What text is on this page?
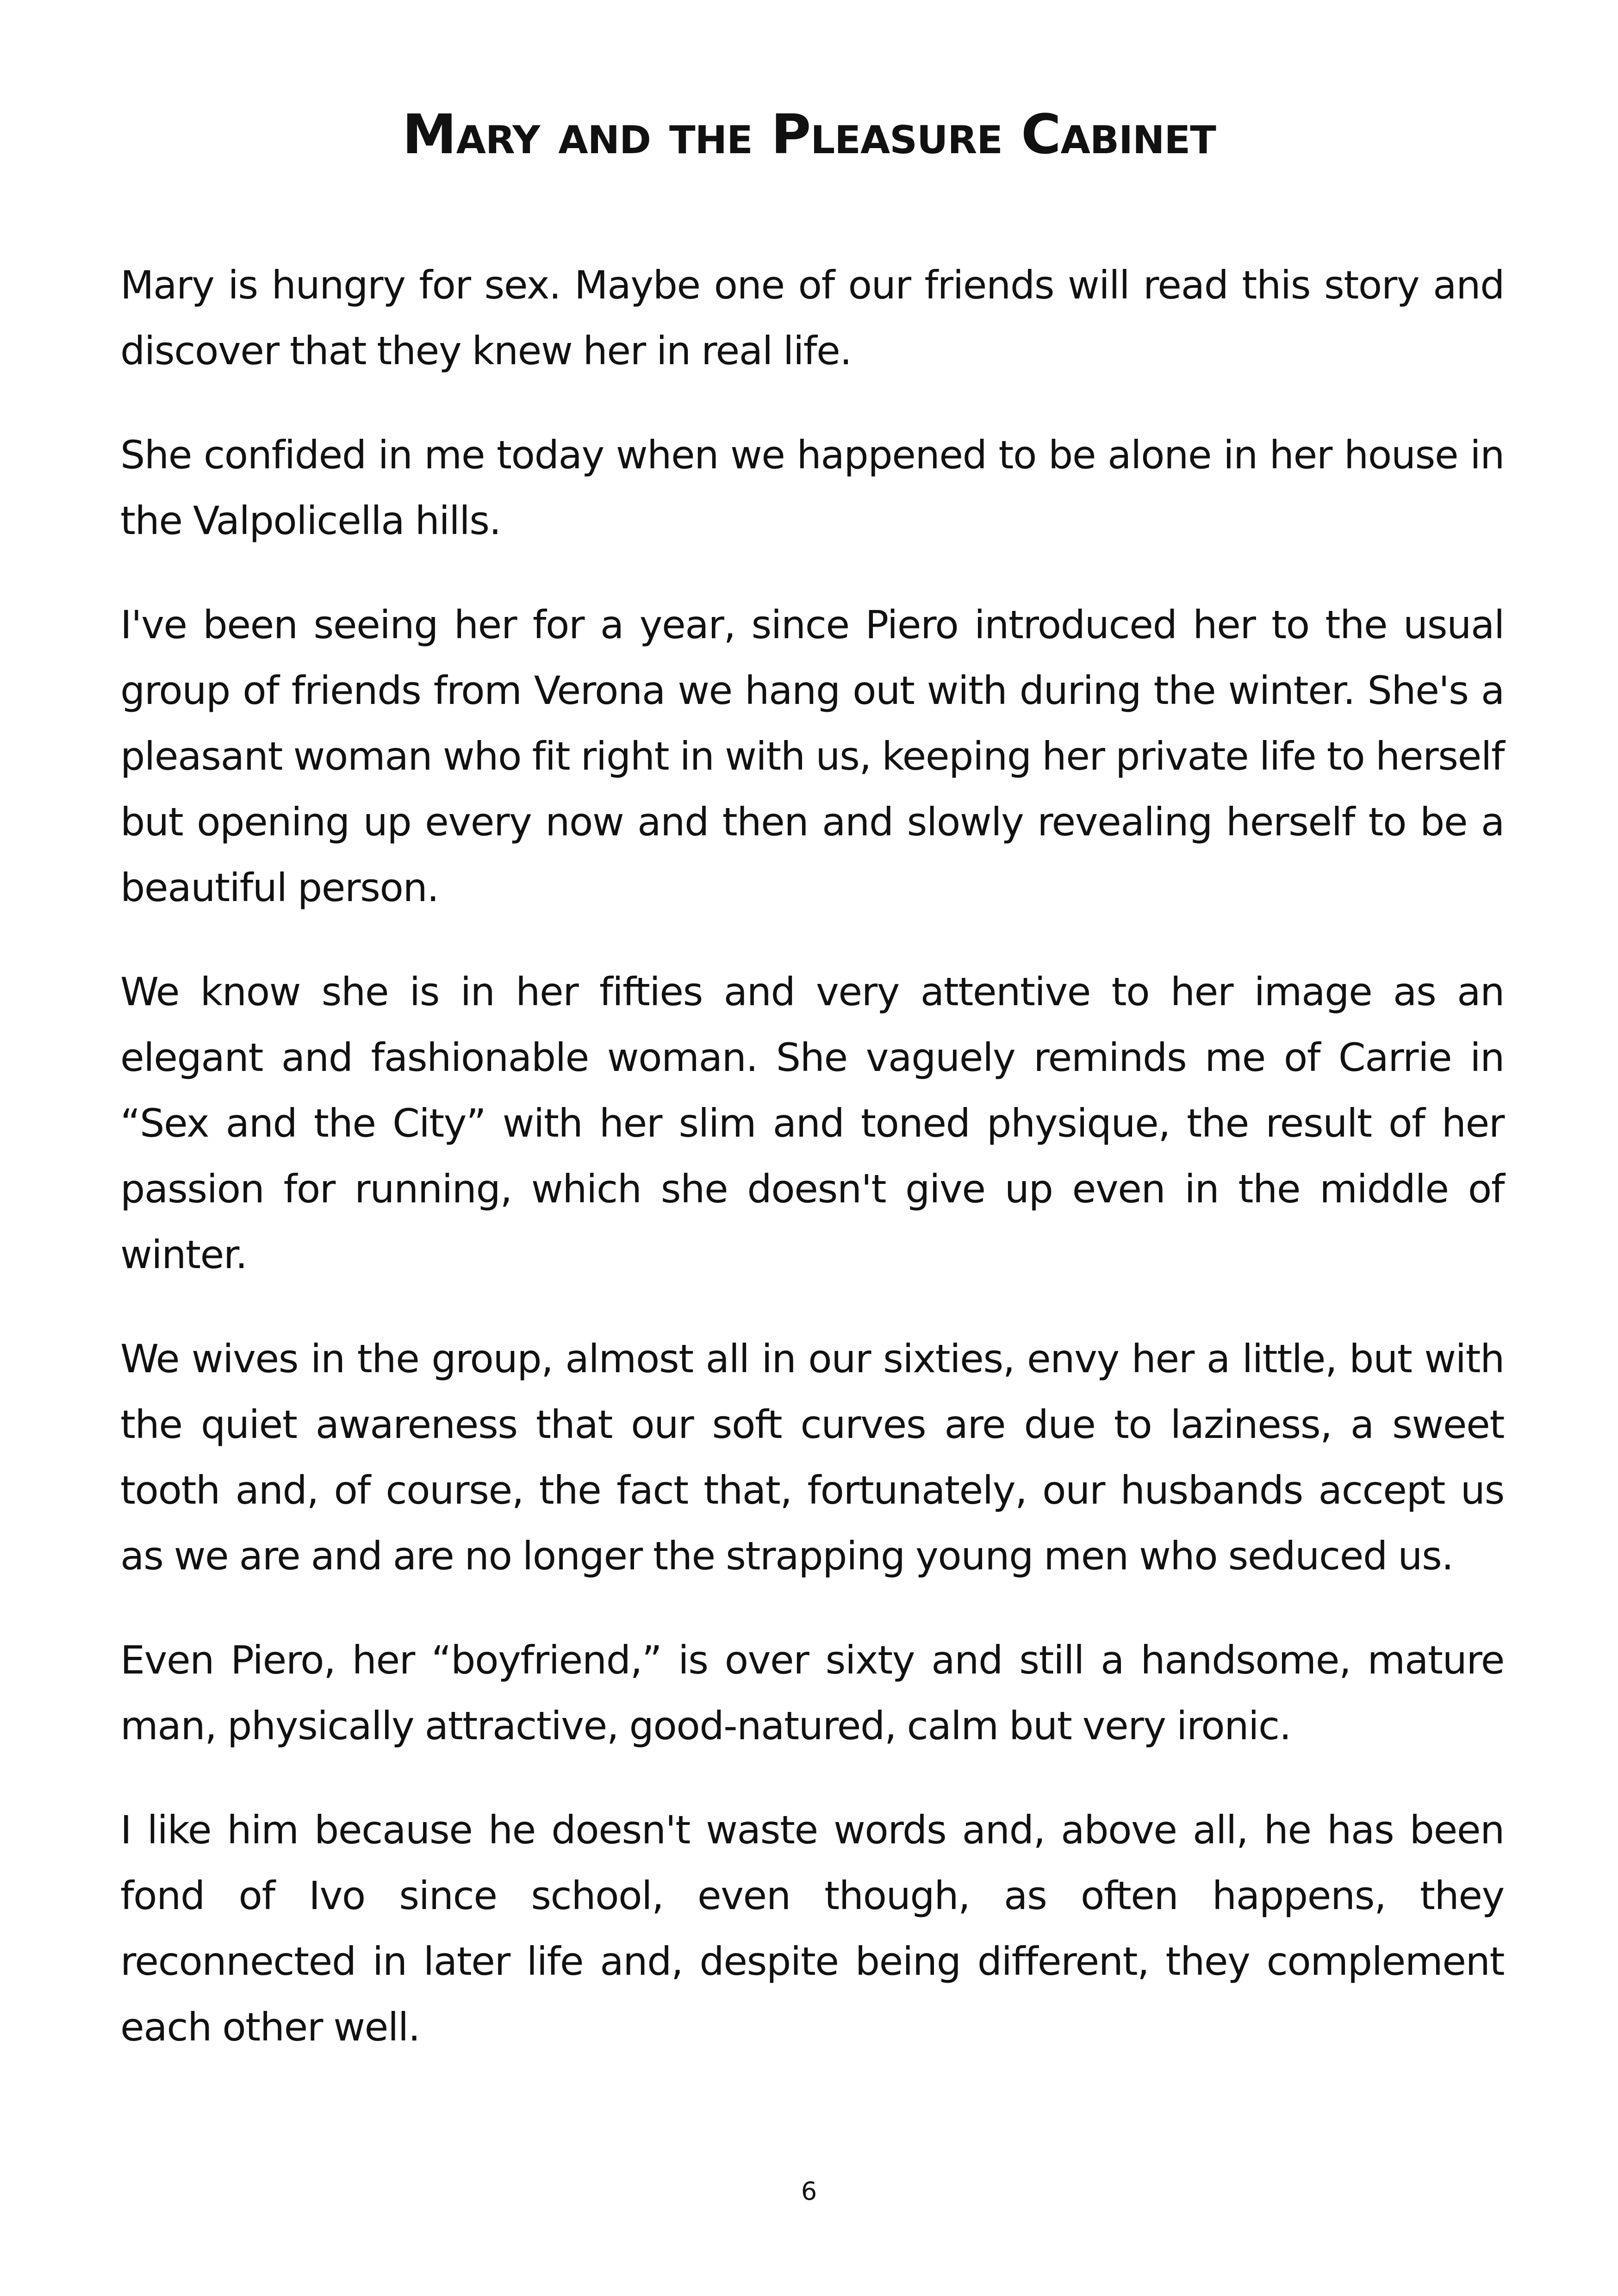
Mary and the Pleasure Cabinet

Mary is hungry for sex. Maybe one of our friends will read this story and discover that they knew her in real life.

She confided in me today when we happened to be alone in her house in the Valpolicella hills.

I've been seeing her for a year, since Piero introduced her to the usual group of friends from Verona we hang out with during the winter. She's a pleasant woman who fit right in with us, keeping her private life to herself but opening up every now and then and slowly revealing herself to be a beautiful person.

We know she is in her fifties and very attentive to her image as an elegant and fashionable woman. She vaguely reminds me of Carrie in “Sex and the City” with her slim and toned physique, the result of her passion for running, which she doesn't give up even in the middle of winter.

We wives in the group, almost all in our sixties, envy her a little, but with the quiet awareness that our soft curves are due to laziness, a sweet tooth and, of course, the fact that, fortunately, our husbands accept us as we are and are no longer the strapping young men who seduced us.

Even Piero, her “boyfriend,” is over sixty and still a handsome, mature man, physically attractive, good-natured, calm but very ironic.

I like him because he doesn't waste words and, above all, he has been fond of Ivo since school, even though, as often happens, they reconnected in later life and, despite being different, they complement each other well.

6
